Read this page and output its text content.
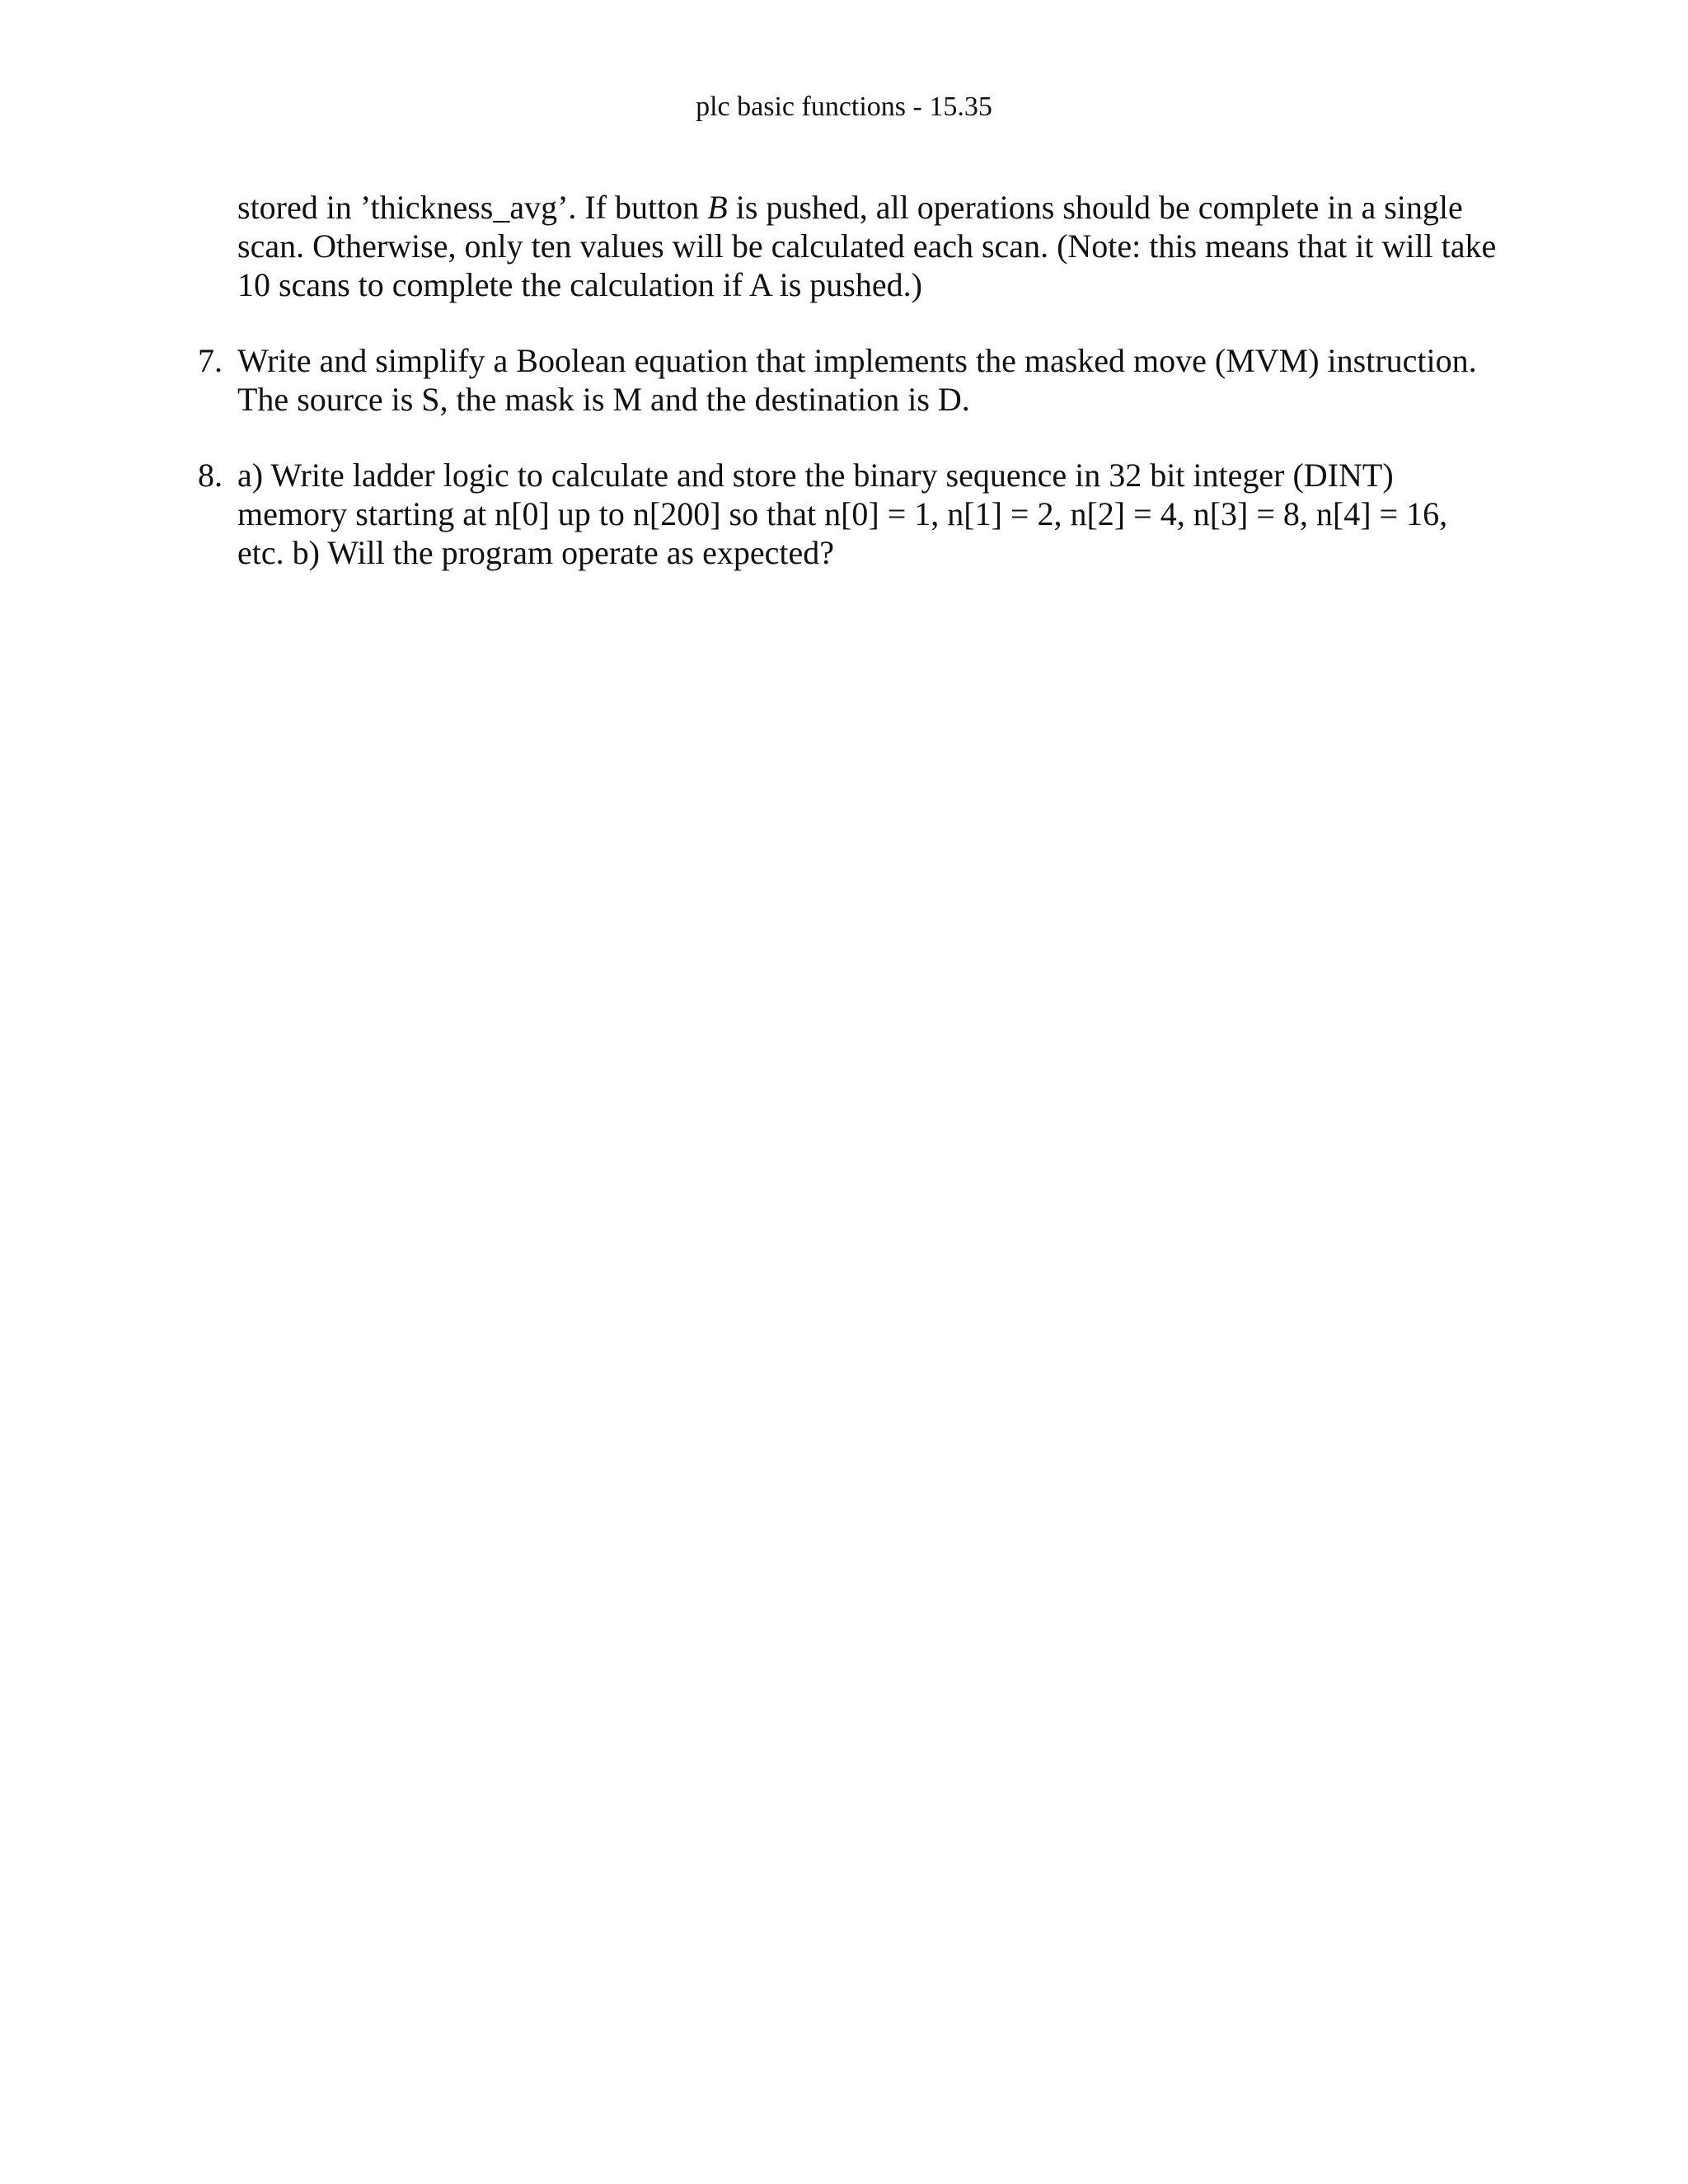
plc basic functions - 15.35

stored in ’thickness_avg’. If button B is pushed, all operations should be complete in a single scan. Otherwise, only ten values will be calculated each scan. (Note: this means that it will take 10 scans to complete the calculation if A is pushed.)

7. Write and simplify a Boolean equation that implements the masked move (MVM) instruction. The source is S, the mask is M and the destination is D.

8. a) Write ladder logic to calculate and store the binary sequence in 32 bit integer (DINT) memory starting at n[0] up to n[200] so that n[0] = 1, n[1] = 2, n[2] = 4, n[3] = 8, n[4] = 16, etc. b) Will the program operate as expected?
